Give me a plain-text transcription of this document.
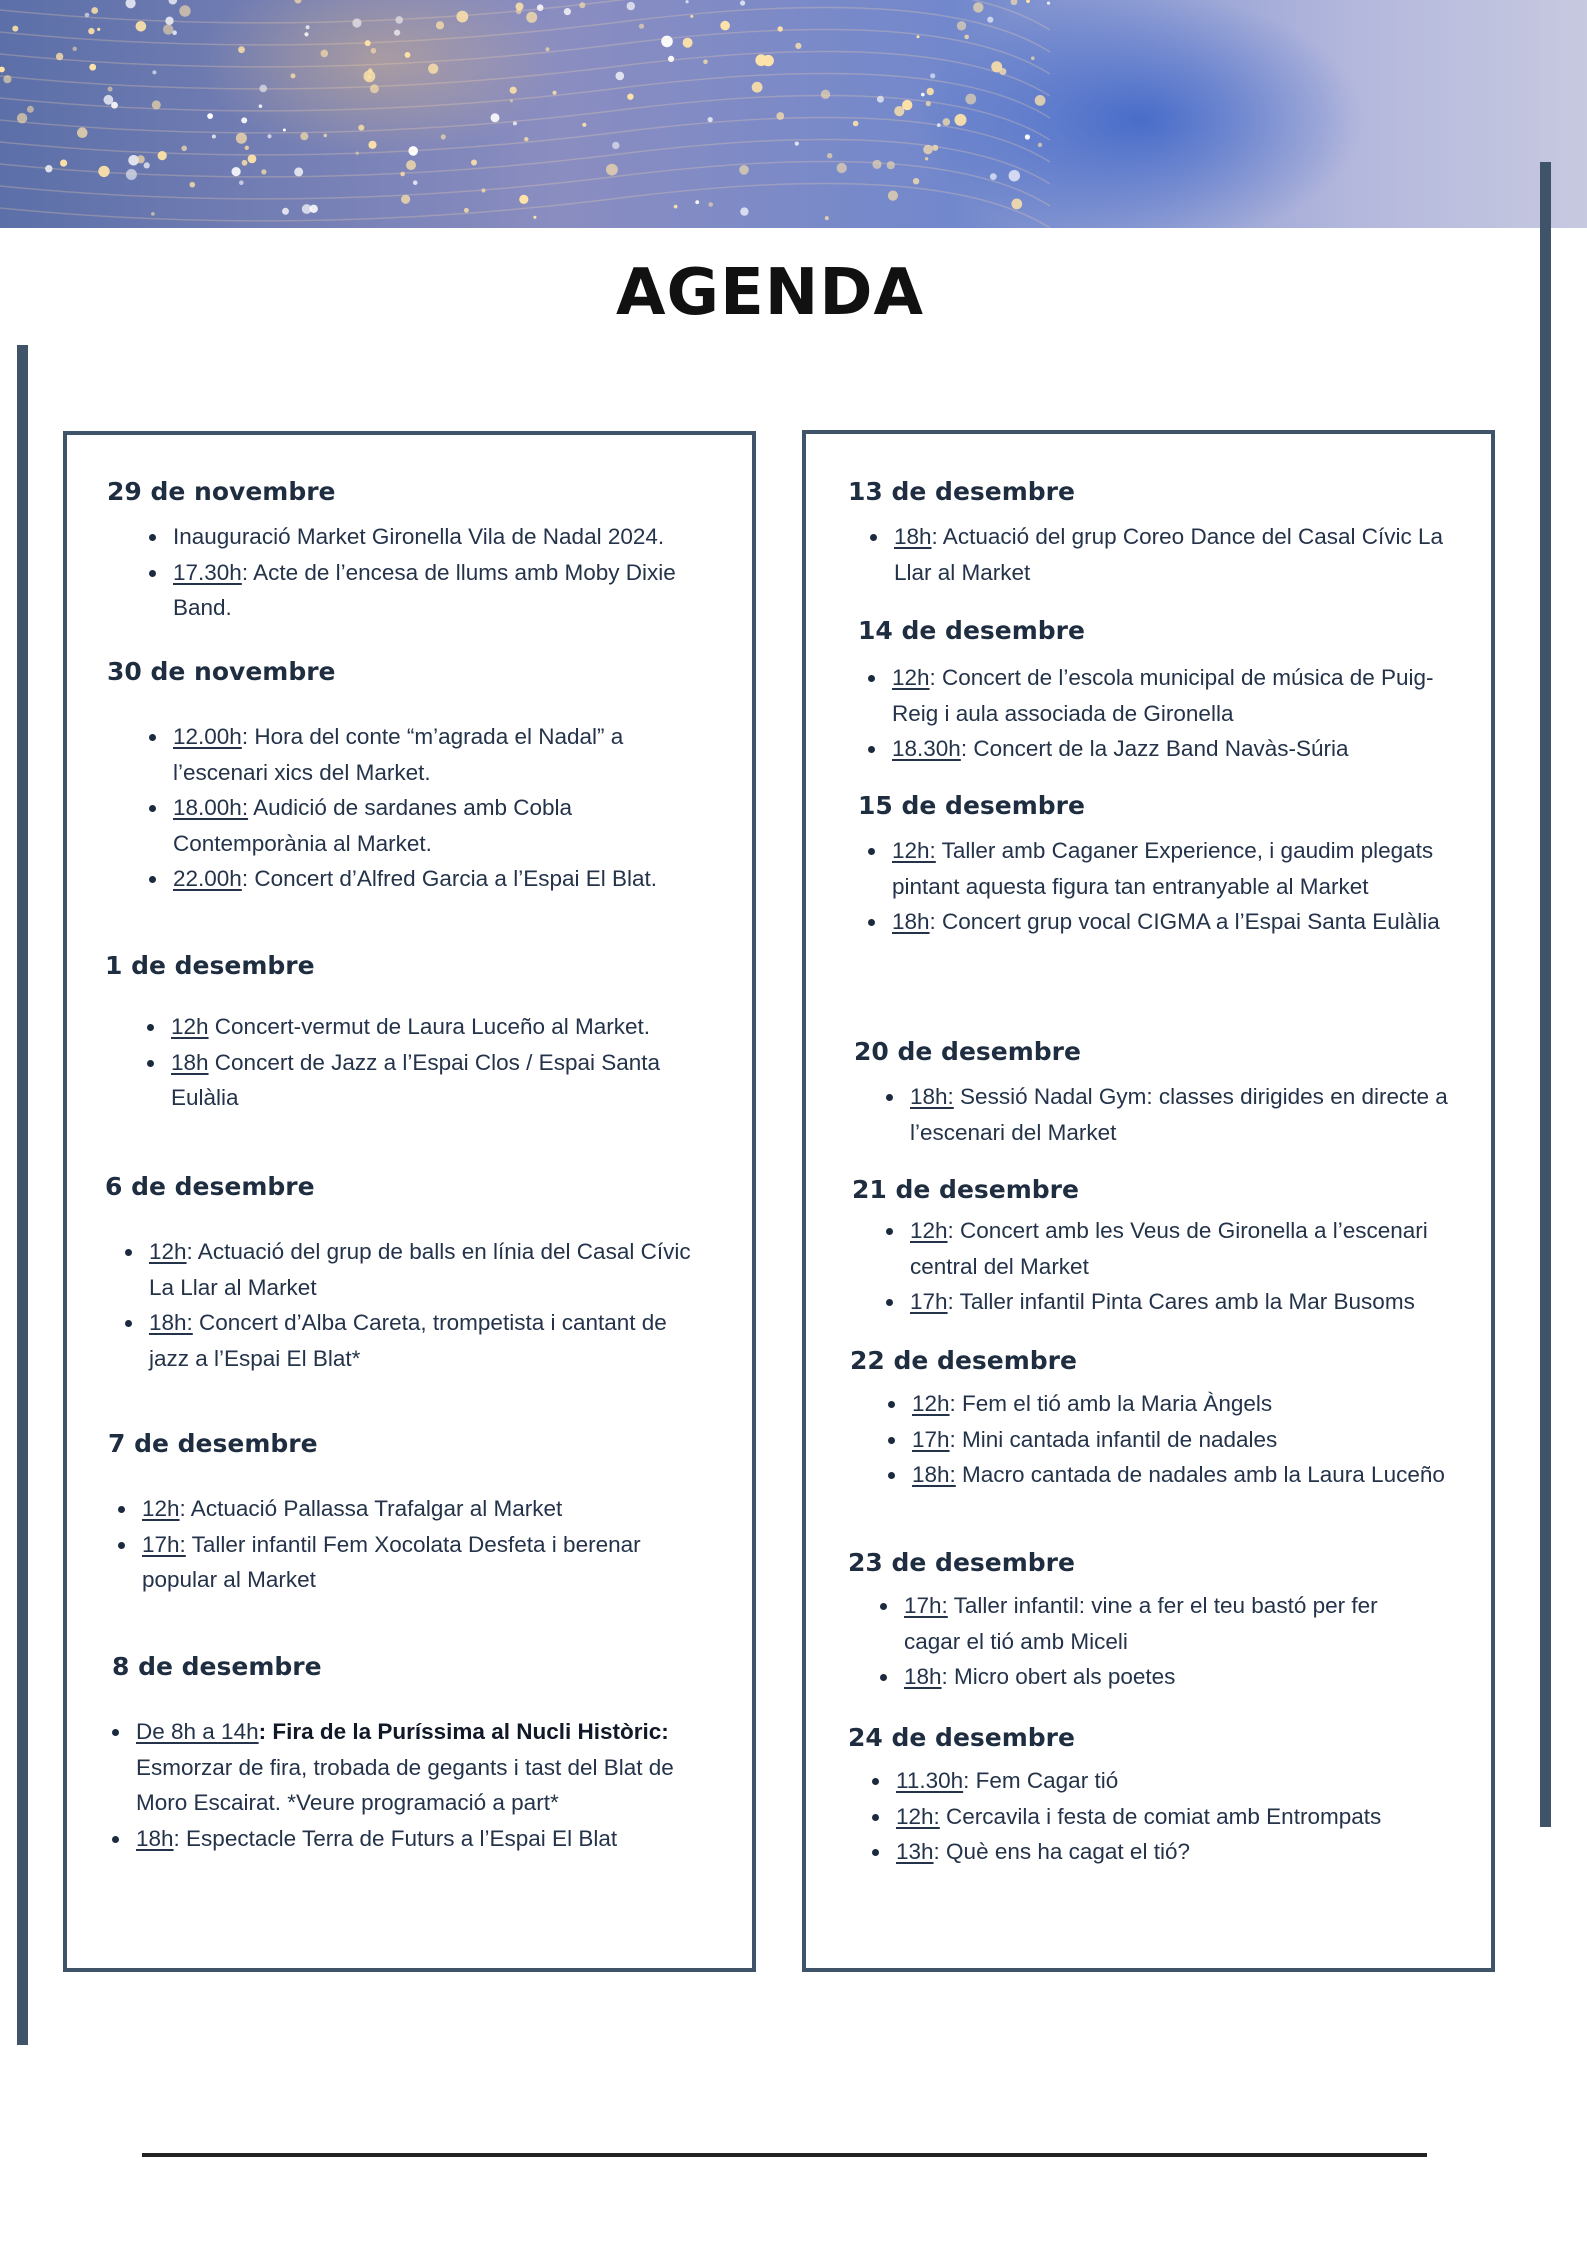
AGENDA

29 de novembre

Inauguració Market Gironella Vila de Nadal 2024.
17.30h: Acte de l’encesa de llums amb Moby Dixie Band.

30 de novembre

12.00h: Hora del conte “m’agrada el Nadal” a l’escenari xics del Market.
18.00h: Audició de sardanes amb Cobla Contemporània al Market.
22.00h: Concert d’Alfred Garcia a l’Espai El Blat.

1 de desembre

12h Concert-vermut de Laura Luceño al Market.
18h Concert de Jazz a l’Espai Clos / Espai Santa Eulàlia

6 de desembre

12h: Actuació del grup de balls en línia del Casal Cívic La Llar al Market
18h: Concert d’Alba Careta, trompetista i cantant de jazz a l’Espai El Blat*

7 de desembre

12h: Actuació Pallassa Trafalgar al Market
17h: Taller infantil Fem Xocolata Desfeta i berenar popular al Market

8 de desembre

De 8h a 14h: Fira de la Puríssima al Nucli Històric: Esmorzar de fira, trobada de gegants i tast del Blat de Moro Escairat. *Veure programació a part*
18h: Espectacle Terra de Futurs a l’Espai El Blat

13 de desembre

18h: Actuació del grup Coreo Dance del Casal Cívic La Llar al Market

14 de desembre

12h: Concert de l’escola municipal de música de Puig-Reig i aula associada de Gironella
18.30h: Concert de la Jazz Band Navàs-Súria

15 de desembre

12h: Taller amb Caganer Experience, i gaudim plegats pintant aquesta figura tan entranyable al Market
18h: Concert grup vocal CIGMA a l’Espai Santa Eulàlia

20 de desembre

18h: Sessió Nadal Gym: classes dirigides en directe a l’escenari del Market

21 de desembre

12h: Concert amb les Veus de Gironella a l’escenari central del Market
17h: Taller infantil Pinta Cares amb la Mar Busoms

22 de desembre

12h: Fem el tió amb la Maria Àngels
17h: Mini cantada infantil de nadales
18h: Macro cantada de nadales amb la Laura Luceño

23 de desembre

17h: Taller infantil: vine a fer el teu bastó per fer cagar el tió amb Miceli
18h: Micro obert als poetes

24 de desembre

11.30h: Fem Cagar tió
12h: Cercavila i festa de comiat amb Entrompats
13h: Què ens ha cagat el tió?
